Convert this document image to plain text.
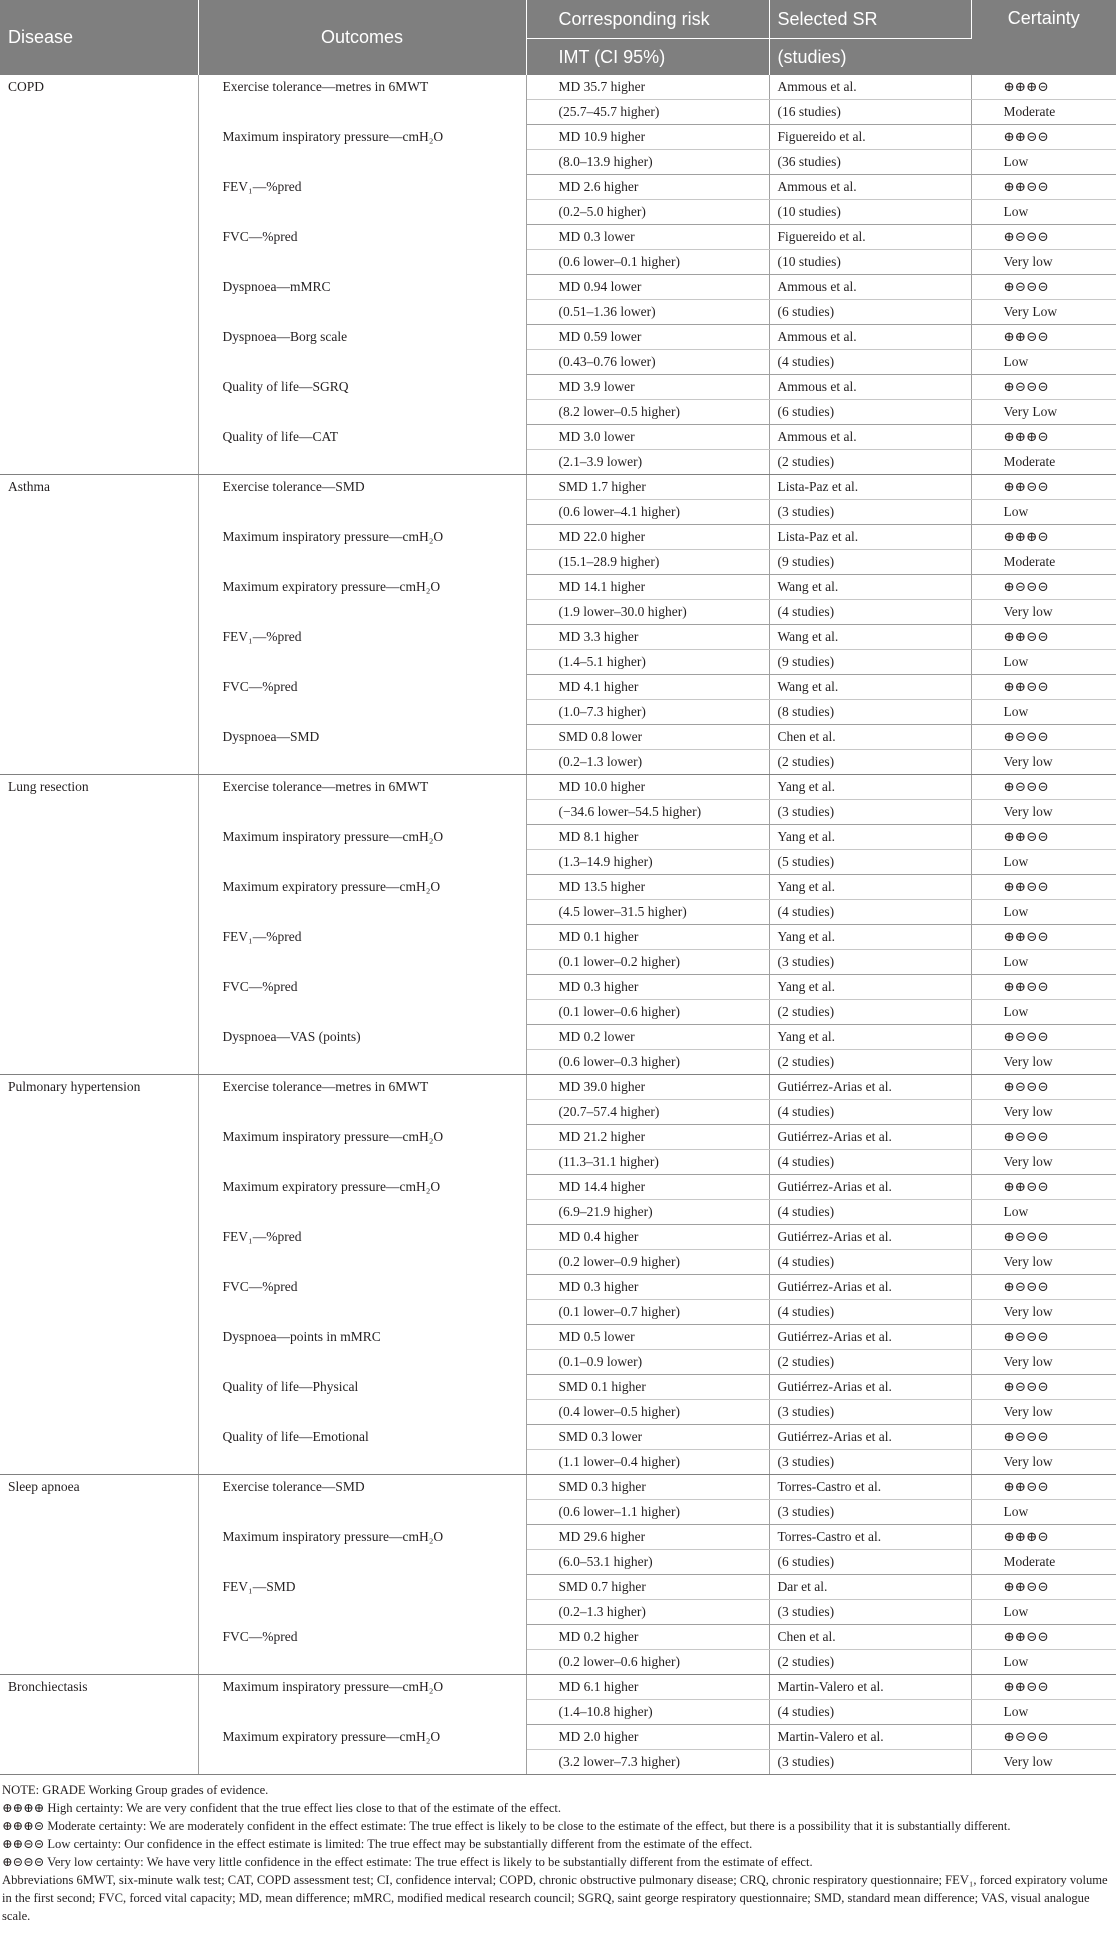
Disease	Outcomes	Corresponding risk	Selected SR	Certainty
		IMT (CI 95%)	(studies)	
COPD	Exercise tolerance—metres in 6MWT	MD 35.7 higher	Ammous et al.	⊕⊕⊕⊝
		(25.7–45.7 higher)	(16 studies)	Moderate
	Maximum inspiratory pressure—cmH₂O	MD 10.9 higher	Figuereido et al.	⊕⊕⊝⊝
		(8.0–13.9 higher)	(36 studies)	Low
	FEV₁—%pred	MD 2.6 higher	Ammous et al.	⊕⊕⊝⊝
		(0.2–5.0 higher)	(10 studies)	Low
	FVC—%pred	MD 0.3 lower	Figuereido et al.	⊕⊝⊝⊝
		(0.6 lower–0.1 higher)	(10 studies)	Very low
	Dyspnoea—mMRC	MD 0.94 lower	Ammous et al.	⊕⊝⊝⊝
		(0.51–1.36 lower)	(6 studies)	Very Low
	Dyspnoea—Borg scale	MD 0.59 lower	Ammous et al.	⊕⊕⊝⊝
		(0.43–0.76 lower)	(4 studies)	Low
	Quality of life—SGRQ	MD 3.9 lower	Ammous et al.	⊕⊝⊝⊝
		(8.2 lower–0.5 higher)	(6 studies)	Very Low
	Quality of life—CAT	MD 3.0 lower	Ammous et al.	⊕⊕⊕⊝
		(2.1–3.9 lower)	(2 studies)	Moderate
Asthma	Exercise tolerance—SMD	SMD 1.7 higher	Lista-Paz et al.	⊕⊕⊝⊝
		(0.6 lower–4.1 higher)	(3 studies)	Low
	Maximum inspiratory pressure—cmH₂O	MD 22.0 higher	Lista-Paz et al.	⊕⊕⊕⊝
		(15.1–28.9 higher)	(9 studies)	Moderate
	Maximum expiratory pressure—cmH₂O	MD 14.1 higher	Wang et al.	⊕⊝⊝⊝
		(1.9 lower–30.0 higher)	(4 studies)	Very low
	FEV₁—%pred	MD 3.3 higher	Wang et al.	⊕⊕⊝⊝
		(1.4–5.1 higher)	(9 studies)	Low
	FVC—%pred	MD 4.1 higher	Wang et al.	⊕⊕⊝⊝
		(1.0–7.3 higher)	(8 studies)	Low
	Dyspnoea—SMD	SMD 0.8 lower	Chen et al.	⊕⊝⊝⊝
		(0.2–1.3 lower)	(2 studies)	Very low
Lung resection	Exercise tolerance—metres in 6MWT	MD 10.0 higher	Yang et al.	⊕⊝⊝⊝
		(−34.6 lower–54.5 higher)	(3 studies)	Very low
	Maximum inspiratory pressure—cmH₂O	MD 8.1 higher	Yang et al.	⊕⊕⊝⊝
		(1.3–14.9 higher)	(5 studies)	Low
	Maximum expiratory pressure—cmH₂O	MD 13.5 higher	Yang et al.	⊕⊕⊝⊝
		(4.5 lower–31.5 higher)	(4 studies)	Low
	FEV₁—%pred	MD 0.1 higher	Yang et al.	⊕⊕⊝⊝
		(0.1 lower–0.2 higher)	(3 studies)	Low
	FVC—%pred	MD 0.3 higher	Yang et al.	⊕⊕⊝⊝
		(0.1 lower–0.6 higher)	(2 studies)	Low
	Dyspnoea—VAS (points)	MD 0.2 lower	Yang et al.	⊕⊝⊝⊝
		(0.6 lower–0.3 higher)	(2 studies)	Very low
Pulmonary hypertension	Exercise tolerance—metres in 6MWT	MD 39.0 higher	Gutiérrez-Arias et al.	⊕⊝⊝⊝
		(20.7–57.4 higher)	(4 studies)	Very low
	Maximum inspiratory pressure—cmH₂O	MD 21.2 higher	Gutiérrez-Arias et al.	⊕⊝⊝⊝
		(11.3–31.1 higher)	(4 studies)	Very low
	Maximum expiratory pressure—cmH₂O	MD 14.4 higher	Gutiérrez-Arias et al.	⊕⊕⊝⊝
		(6.9–21.9 higher)	(4 studies)	Low
	FEV₁—%pred	MD 0.4 higher	Gutiérrez-Arias et al.	⊕⊝⊝⊝
		(0.2 lower–0.9 higher)	(4 studies)	Very low
	FVC—%pred	MD 0.3 higher	Gutiérrez-Arias et al.	⊕⊝⊝⊝
		(0.1 lower–0.7 higher)	(4 studies)	Very low
	Dyspnoea—points in mMRC	MD 0.5 lower	Gutiérrez-Arias et al.	⊕⊝⊝⊝
		(0.1–0.9 lower)	(2 studies)	Very low
	Quality of life—Physical	SMD 0.1 higher	Gutiérrez-Arias et al.	⊕⊝⊝⊝
		(0.4 lower–0.5 higher)	(3 studies)	Very low
	Quality of life—Emotional	SMD 0.3 lower	Gutiérrez-Arias et al.	⊕⊝⊝⊝
		(1.1 lower–0.4 higher)	(3 studies)	Very low
Sleep apnoea	Exercise tolerance—SMD	SMD 0.3 higher	Torres-Castro et al.	⊕⊕⊝⊝
		(0.6 lower–1.1 higher)	(3 studies)	Low
	Maximum inspiratory pressure—cmH₂O	MD 29.6 higher	Torres-Castro et al.	⊕⊕⊕⊝
		(6.0–53.1 higher)	(6 studies)	Moderate
	FEV₁—SMD	SMD 0.7 higher	Dar et al.	⊕⊕⊝⊝
		(0.2–1.3 higher)	(3 studies)	Low
	FVC—%pred	MD 0.2 higher	Chen et al.	⊕⊕⊝⊝
		(0.2 lower–0.6 higher)	(2 studies)	Low
Bronchiectasis	Maximum inspiratory pressure—cmH₂O	MD 6.1 higher	Martin-Valero et al.	⊕⊕⊝⊝
		(1.4–10.8 higher)	(4 studies)	Low
	Maximum expiratory pressure—cmH₂O	MD 2.0 higher	Martin-Valero et al.	⊕⊝⊝⊝
		(3.2 lower–7.3 higher)	(3 studies)	Very low

NOTE: GRADE Working Group grades of evidence.

⊕⊕⊕⊕ High certainty: We are very confident that the true effect lies close to that of the estimate of the effect.

⊕⊕⊕⊝ Moderate certainty: We are moderately confident in the effect estimate: The true effect is likely to be close to the estimate of the effect, but there is a possibility that it is substantially different.

⊕⊕⊝⊝ Low certainty: Our confidence in the effect estimate is limited: The true effect may be substantially different from the estimate of the effect.

⊕⊝⊝⊝ Very low certainty: We have very little confidence in the effect estimate: The true effect is likely to be substantially different from the estimate of effect.

Abbreviations 6MWT, six-minute walk test; CAT, COPD assessment test; CI, confidence interval; COPD, chronic obstructive pulmonary disease; CRQ, chronic respiratory questionnaire; FEV₁, forced expiratory volume in the first second; FVC, forced vital capacity; MD, mean difference; mMRC, modified medical research council; SGRQ, saint george respiratory questionnaire; SMD, standard mean difference; VAS, visual analogue scale.
